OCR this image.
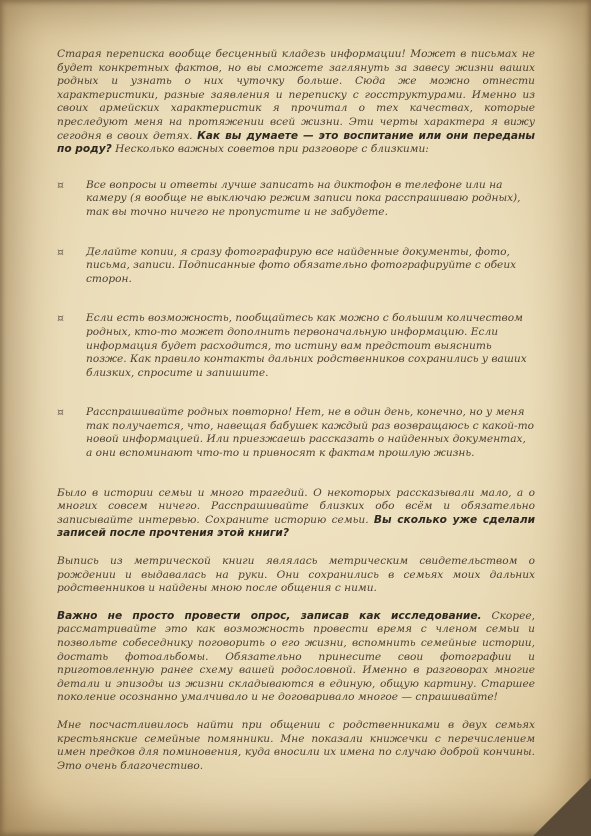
Старая переписка вообще бесценный кладезь информации! Может в письмах не будет конкретных фактов, но вы сможете заглянуть за завесу жизни ваших родных и узнать о них чуточку больше. Сюда же можно отнести характеристики, разные заявления и переписку с госструктурами. Именно из своих армейских характеристик я прочитал о тех качествах, которые преследуют меня на протяжении всей жизни. Эти черты характера я вижу сегодня в своих детях. Как вы думаете — это воспитание или они переданы по роду? Несколько важных советов при разговоре с близкими:

¤ Все вопросы и ответы лучше записать на диктофон в телефоне или на камеру (я вообще не выключаю режим записи пока расспрашиваю родных), так вы точно ничего не пропустите и не забудете.
¤ Делайте копии, я сразу фотографирую все найденные документы, фото, письма, записи. Подписанные фото обязательно фотографируйте с обеих сторон.
¤ Если есть возможность, пообщайтесь как можно с большим количеством родных, кто-то может дополнить первоначальную информацию. Если информация будет расходится, то истину вам предстоит выяснить позже. Как правило контакты дальних родственников сохранились у ваших близких, спросите и запишите.
¤ Расспрашивайте родных повторно! Нет, не в один день, конечно, но у меня так получается, что, навещая бабушек каждый раз возвращаюсь с какой-то новой информацией. Или приезжаешь рассказать о найденных документах, а они вспоминают что-то и привносят к фактам прошлую жизнь.

Было в истории семьи и много трагедий. О некоторых рассказывали мало, а о многих совсем ничего. Расспрашивайте близких обо всём и обязательно записывайте интервью. Сохраните историю семьи. Вы сколько уже сделали записей после прочтения этой книги?

Выпись из метрической книги являлась метрическим свидетельством о рождении и выдавалась на руки. Они сохранились в семьях моих дальних родственников и найдены мною после общения с ними.

Важно не просто провести опрос, записав как исследование. Скорее, рассматривайте это как возможность провести время с членом семьи и позвольте собеседнику поговорить о его жизни, вспомнить семейные истории, достать фотоальбомы. Обязательно принесите свои фотографии и приготовленную ранее схему вашей родословной. Именно в разговорах многие детали и эпизоды из жизни складываются в единую, общую картину. Старшее поколение осознанно умалчивало и не договаривало многое — спрашивайте!

Мне посчастливилось найти при общении с родственниками в двух семьях крестьянские семейные помянники. Мне показали книжечки с перечислением имен предков для поминовения, куда вносили их имена по случаю доброй кончины. Это очень благочестиво.
